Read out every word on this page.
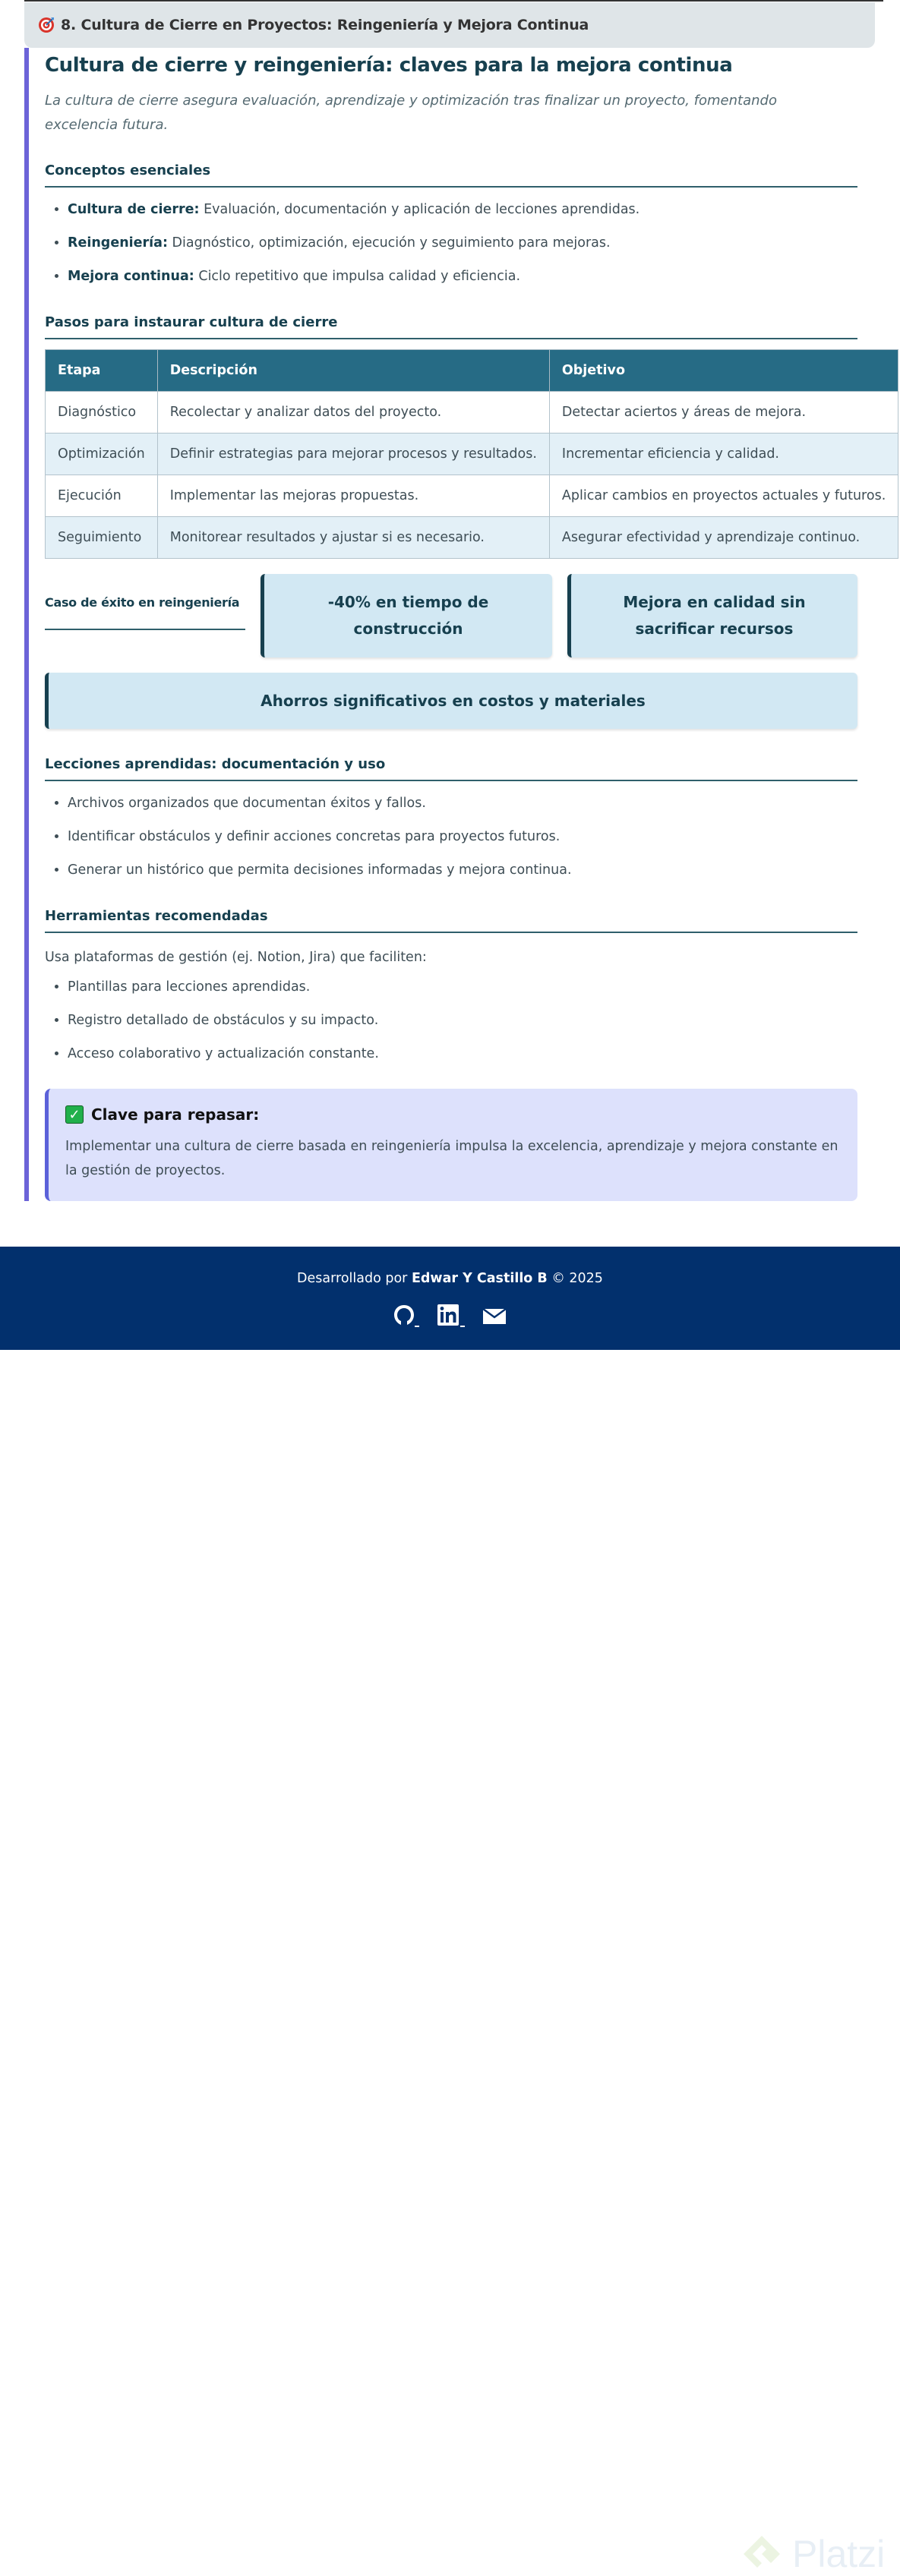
8. Cultura de Cierre en Proyectos: Reingeniería y Mejora Continua
Cultura de cierre y reingeniería: claves para la mejora continua
La cultura de cierre asegura evaluación, aprendizaje y optimización tras finalizar un proyecto, fomentando excelencia futura.
Conceptos esenciales
• Cultura de cierre: Evaluación, documentación y aplicación de lecciones aprendidas.
• Reingeniería: Diagnóstico, optimización, ejecución y seguimiento para mejoras.
• Mejora continua: Ciclo repetitivo que impulsa calidad y eficiencia.
Pasos para instaurar cultura de cierre
Etapa	Descripción	Objetivo
Diagnóstico	Recolectar y analizar datos del proyecto.	Detectar aciertos y áreas de mejora.
Optimización	Definir estrategias para mejorar procesos y resultados.	Incrementar eficiencia y calidad.
Ejecución	Implementar las mejoras propuestas.	Aplicar cambios en proyectos actuales y futuros.
Seguimiento	Monitorear resultados y ajustar si es necesario.	Asegurar efectividad y aprendizaje continuo.
Caso de éxito en reingeniería	-40% en tiempo de construcción
Mejora en calidad sin sacrificar recursos
Ahorros significativos en costos y materiales
Lecciones aprendidas: documentación y uso
• Archivos organizados que documentan éxitos y fallos.
• Identificar obstáculos y definir acciones concretas para proyectos futuros.
• Generar un histórico que permita decisiones informadas y mejora continua.
Herramientas recomendadas
Usa plataformas de gestión (ej. Notion, Jira) que faciliten:
• Plantillas para lecciones aprendidas.
• Registro detallado de obstáculos y su impacto.
• Acceso colaborativo y actualización constante.
✓ Clave para repasar:
Implementar una cultura de cierre basada en reingeniería impulsa la excelencia, aprendizaje y mejora constante en la gestión de proyectos.
Desarrollado por Edwar Y Castillo B © 2025
Platzi
